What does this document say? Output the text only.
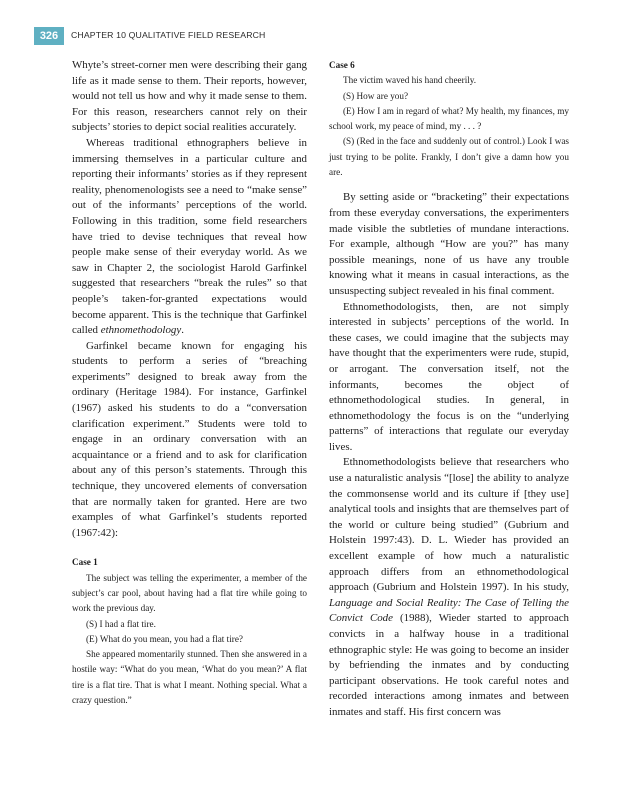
326	CHAPTER 10 QUALITATIVE FIELD RESEARCH

Whyte’s street-corner men were describing their gang life as it made sense to them. Their reports, however, would not tell us how and why it made sense to them. For this reason, researchers cannot rely on their subjects’ stories to depict social realities accurately.

Whereas traditional ethnographers believe in immersing themselves in a particular culture and reporting their informants’ stories as if they represent reality, phenomenologists see a need to “make sense” out of the informants’ perceptions of the world. Following in this tradition, some field researchers have tried to devise techniques that reveal how people make sense of their everyday world. As we saw in Chapter 2, the sociologist Harold Garfinkel suggested that researchers “break the rules” so that people’s taken-for-granted expectations would become apparent. This is the technique that Garfinkel called ethnomethodology.

Garfinkel became known for engaging his students to perform a series of “breaching experiments” designed to break away from the ordinary (Heritage 1984). For instance, Garfinkel (1967) asked his students to do a “conversation clarification experiment.” Students were told to engage in an ordinary conversation with an acquaintance or a friend and to ask for clarification about any of this person’s statements. Through this technique, they uncovered elements of conversation that are normally taken for granted. Here are two examples of what Garfinkel’s students reported (1967:42):

Case 1

The subject was telling the experimenter, a member of the subject’s car pool, about having had a flat tire while going to work the previous day.

(S) I had a flat tire.

(E) What do you mean, you had a flat tire?

She appeared momentarily stunned. Then she answered in a hostile way: “What do you mean, ‘What do you mean?’ A flat tire is a flat tire. That is what I meant. Nothing special. What a crazy question.”

Case 6

The victim waved his hand cheerily.

(S) How are you?

(E) How I am in regard of what? My health, my finances, my school work, my peace of mind, my . . . ?

(S) (Red in the face and suddenly out of control.) Look I was just trying to be polite. Frankly, I don’t give a damn how you are.

By setting aside or “bracketing” their expectations from these everyday conversations, the experimenters made visible the subtleties of mundane interactions. For example, although “How are you?” has many possible meanings, none of us have any trouble knowing what it means in casual interactions, as the unsuspecting subject revealed in his final comment.

Ethnomethodologists, then, are not simply interested in subjects’ perceptions of the world. In these cases, we could imagine that the subjects may have thought that the experimenters were rude, stupid, or arrogant. The conversation itself, not the informants, becomes the object of ethnomethodological studies. In general, in ethnomethodology the focus is on the “underlying patterns” of interactions that regulate our everyday lives.

Ethnomethodologists believe that researchers who use a naturalistic analysis “[lose] the ability to analyze the commonsense world and its culture if [they use] analytical tools and insights that are themselves part of the world or culture being studied” (Gubrium and Holstein 1997:43). D. L. Wieder has provided an excellent example of how much a naturalistic approach differs from an ethnomethodological approach (Gubrium and Holstein 1997). In his study, Language and Social Reality: The Case of Telling the Convict Code (1988), Wieder started to approach convicts in a halfway house in a traditional ethnographic style: He was going to become an insider by befriending the inmates and by conducting participant observations. He took careful notes and recorded interactions among inmates and between inmates and staff. His first concern was
